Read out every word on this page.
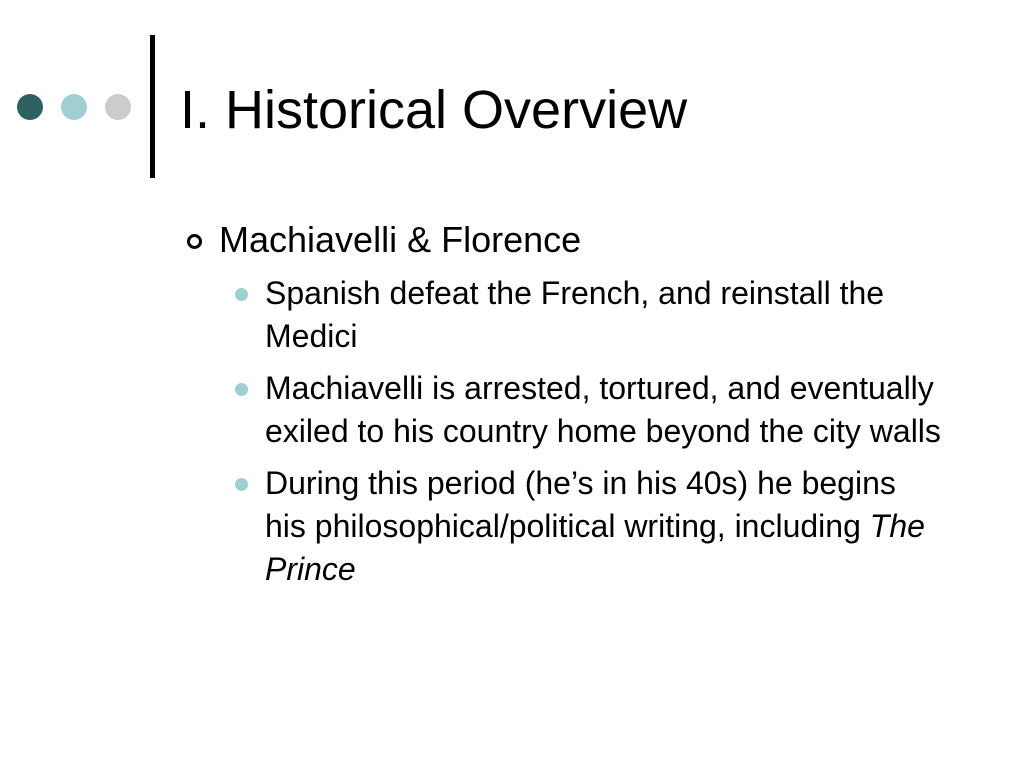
I. Historical Overview
Machiavelli & Florence
Spanish defeat the French, and reinstall the Medici
Machiavelli is arrested, tortured, and eventually exiled to his country home beyond the city walls
During this period (he’s in his 40s) he begins his philosophical/political writing, including The Prince
